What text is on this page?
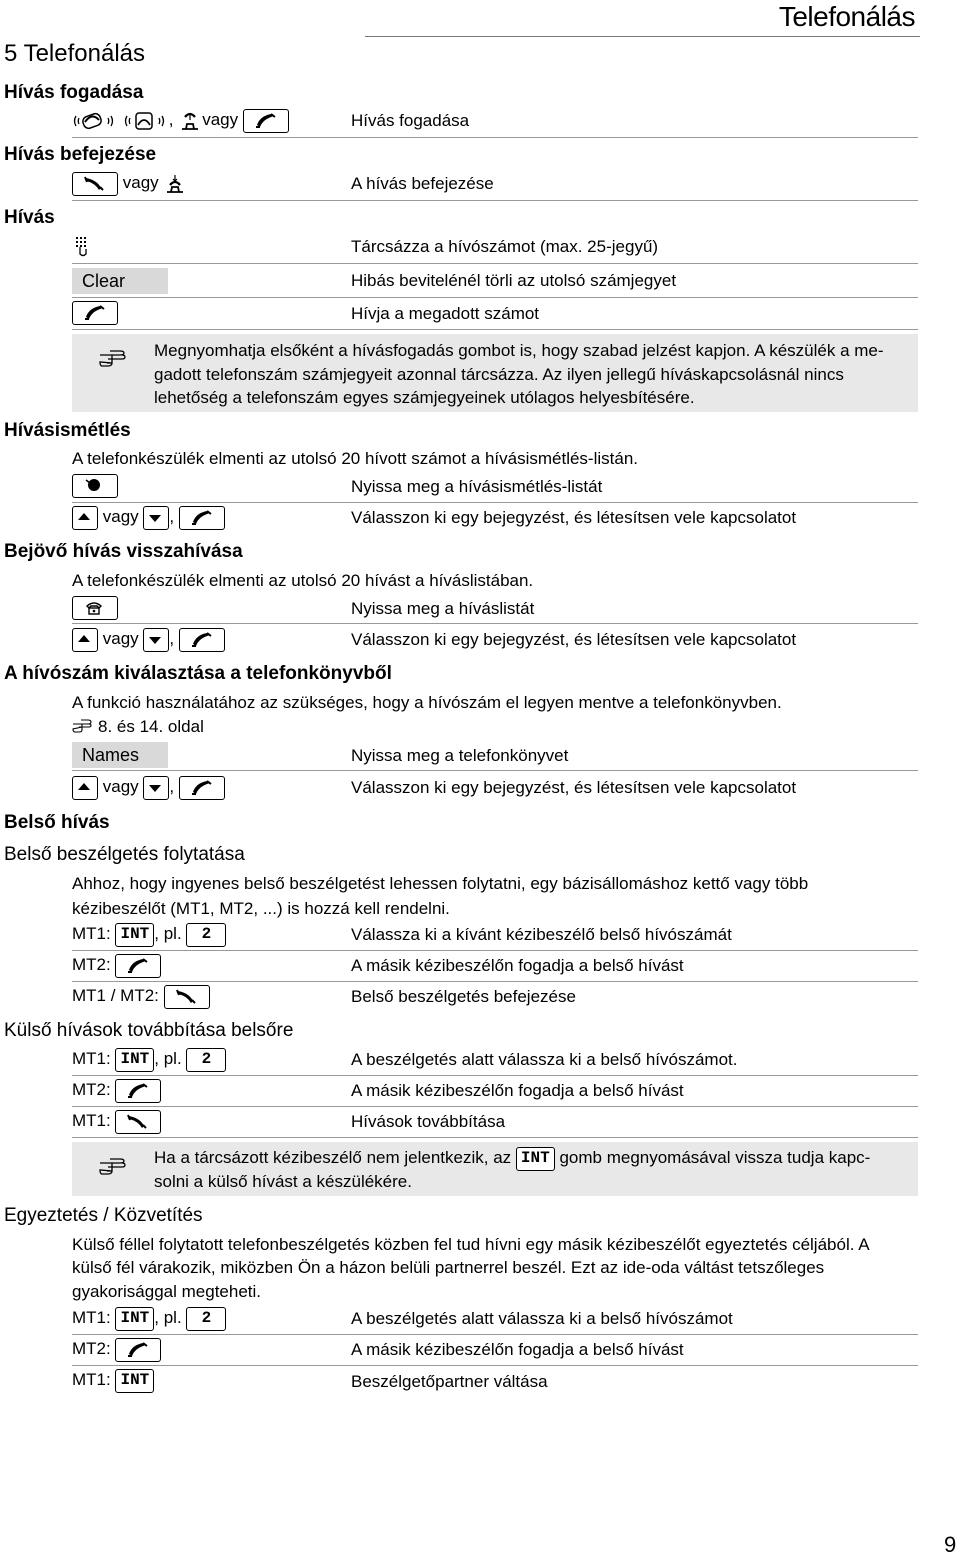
Telefonálás
5 Telefonálás
Hívás fogadása
, vagy	Hívás fogadása
Hívás befejezése
vagy	A hívás befejezése
Hívás
Tárcsázza a hívószámot (max. 25-jegyű)
Clear	Hibás bevitelénél törli az utolsó számjegyet
Hívja a megadott számot
Megnyomhatja elsőként a hívásfogadás gombot is, hogy szabad jelzést kapjon. A készülék a me-
gadott telefonszám számjegyeit azonnal tárcsázza. Az ilyen jellegű híváskapcsolásnál nincs
lehetőség a telefonszám egyes számjegyeinek utólagos helyesbítésére.
Hívásismétlés
A telefonkészülék elmenti az utolsó 20 hívott számot a hívásismétlés-listán.
Nyissa meg a hívásismétlés-listát
vagy ,	Válasszon ki egy bejegyzést, és létesítsen vele kapcsolatot
Bejövő hívás visszahívása
A telefonkészülék elmenti az utolsó 20 hívást a híváslistában.
Nyissa meg a híváslistát
vagy ,	Válasszon ki egy bejegyzést, és létesítsen vele kapcsolatot
A hívószám kiválasztása a telefonkönyvből
A funkció használatához az szükséges, hogy a hívószám el legyen mentve a telefonkönyvben.
8. és 14. oldal
Names	Nyissa meg a telefonkönyvet
vagy ,	Válasszon ki egy bejegyzést, és létesítsen vele kapcsolatot
Belső hívás
Belső beszélgetés folytatása
Ahhoz, hogy ingyenes belső beszélgetést lehessen folytatni, egy bázisállomáshoz kettő vagy több
kézibeszélőt (MT1, MT2, ...) is hozzá kell rendelni.
MT1: INT , pl. 2	Válassza ki a kívánt kézibeszélő belső hívószámát
MT2:	A másik kézibeszélőn fogadja a belső hívást
MT1 / MT2:	Belső beszélgetés befejezése
Külső hívások továbbítása belsőre
MT1: INT , pl. 2	A beszélgetés alatt válassza ki a belső hívószámot.
MT2:	A másik kézibeszélőn fogadja a belső hívást
MT1:	Hívások továbbítása
Ha a tárcsázott kézibeszélő nem jelentkezik, az INT gomb megnyomásával vissza tudja kapc-
solni a külső hívást a készülékére.
Egyeztetés / Közvetítés
Külső féllel folytatott telefonbeszélgetés közben fel tud hívni egy másik kézibeszélőt egyeztetés céljából. A
külső fél várakozik, miközben Ön a házon belüli partnerrel beszél. Ezt az ide-oda váltást tetszőleges
gyakorisággal megteheti.
MT1: INT , pl. 2	A beszélgetés alatt válassza ki a belső hívószámot
MT2:	A másik kézibeszélőn fogadja a belső hívást
MT1: INT	Beszélgetőpartner váltása
9
